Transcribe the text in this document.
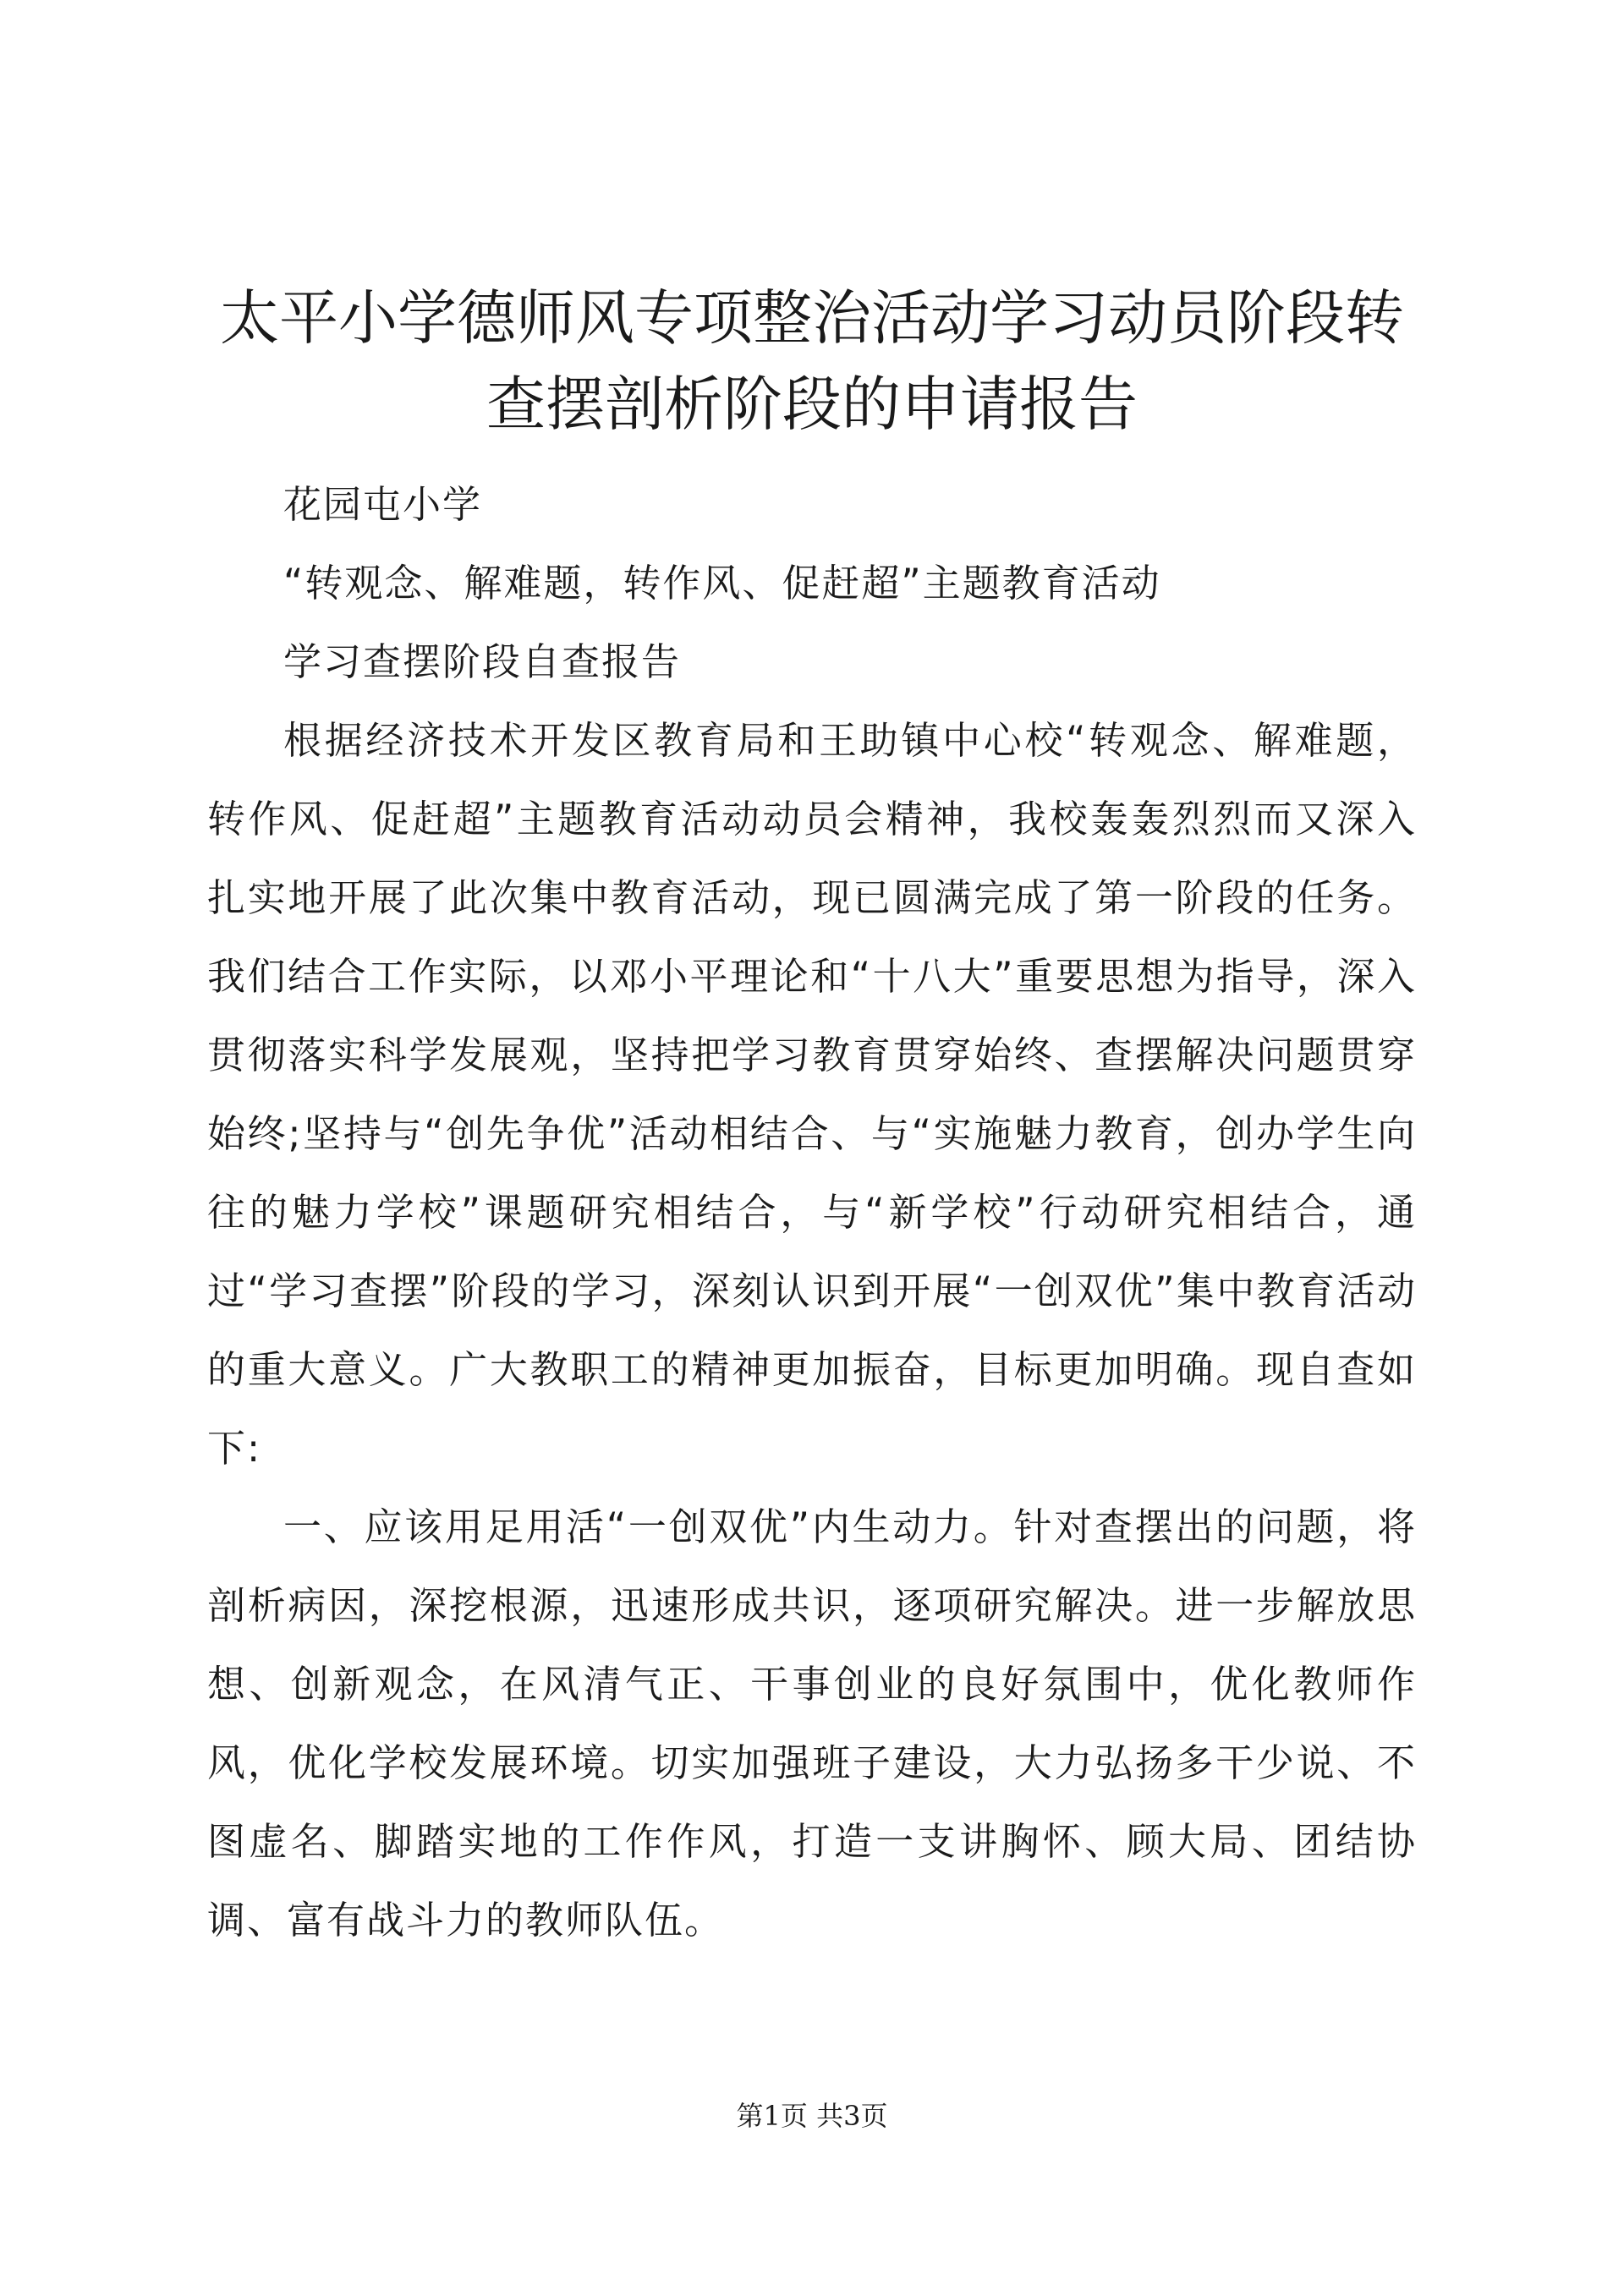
太平小学德师风专项整治活动学习动员阶段转
查摆剖析阶段的申请报告

花园屯小学

“转观念、解难题，转作风、促赶超”主题教育活动

学习查摆阶段自查报告

根据经济技术开发区教育局和王助镇中心校“转观念、解难题，转作风、促赶超”主题教育活动动员会精神，我校轰轰烈烈而又深入扎实地开展了此次集中教育活动，现已圆满完成了第一阶段的任务。我们结合工作实际，以邓小平理论和“十八大”重要思想为指导，深入贯彻落实科学发展观，坚持把学习教育贯穿始终、查摆解决问题贯穿始终;坚持与“创先争优”活动相结合、与“实施魅力教育，创办学生向往的魅力学校”课题研究相结合，与“新学校”行动研究相结合，通过“学习查摆”阶段的学习，深刻认识到开展“一创双优”集中教育活动的重大意义。广大教职工的精神更加振奋，目标更加明确。现自查如下:

一、应该用足用活“一创双优”内生动力。针对查摆出的问题，将剖析病因，深挖根源，迅速形成共识，逐项研究解决。进一步解放思想、创新观念，在风清气正、干事创业的良好氛围中，优化教师作风，优化学校发展环境。切实加强班子建设，大力弘扬多干少说、不图虚名、脚踏实地的工作作风，打造一支讲胸怀、顾大局、团结协调、富有战斗力的教师队伍。

第1页 共3页
